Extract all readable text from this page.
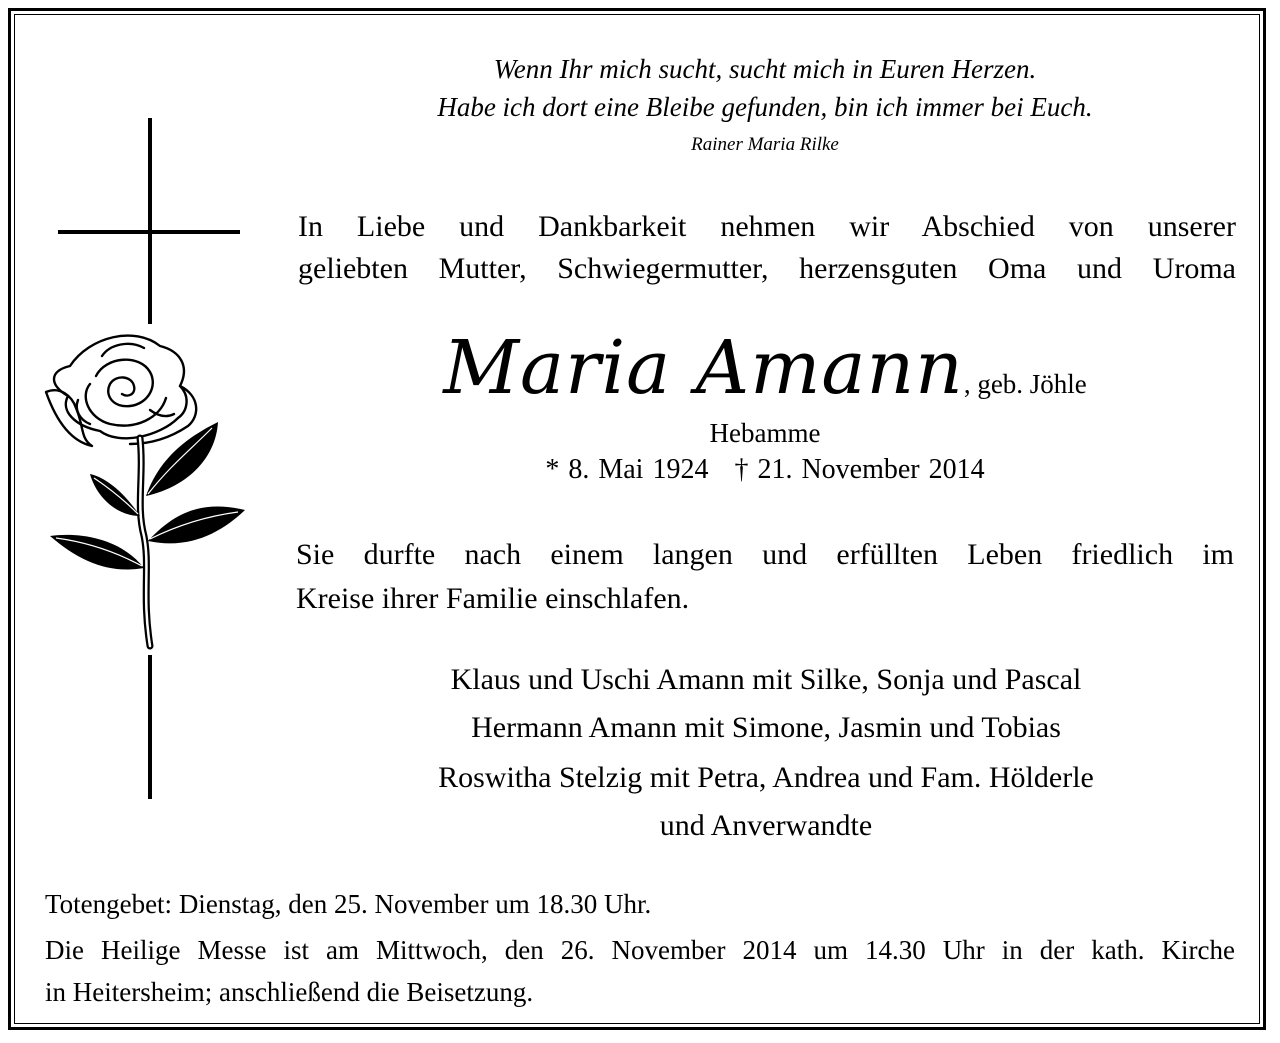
Wenn Ihr mich sucht, sucht mich in Euren Herzen.
Habe ich dort eine Bleibe gefunden, bin ich immer bei Euch.
Rainer Maria Rilke
In Liebe und Dankbarkeit nehmen wir Abschied von unserer
geliebten Mutter, Schwiegermutter, herzensguten Oma und Uroma
Maria Amann, geb. Jöhle
Hebamme
* 8. Mai 1924 † 21. November 2014
Sie durfte nach einem langen und erfüllten Leben friedlich im
Kreise ihrer Familie einschlafen.
Klaus und Uschi Amann mit Silke, Sonja und Pascal
Hermann Amann mit Simone, Jasmin und Tobias
Roswitha Stelzig mit Petra, Andrea und Fam. Hölderle
und Anverwandte
Totengebet: Dienstag, den 25. November um 18.30 Uhr.
Die Heilige Messe ist am Mittwoch, den 26. November 2014 um 14.30 Uhr in der kath. Kirche
in Heitersheim; anschließend die Beisetzung.
